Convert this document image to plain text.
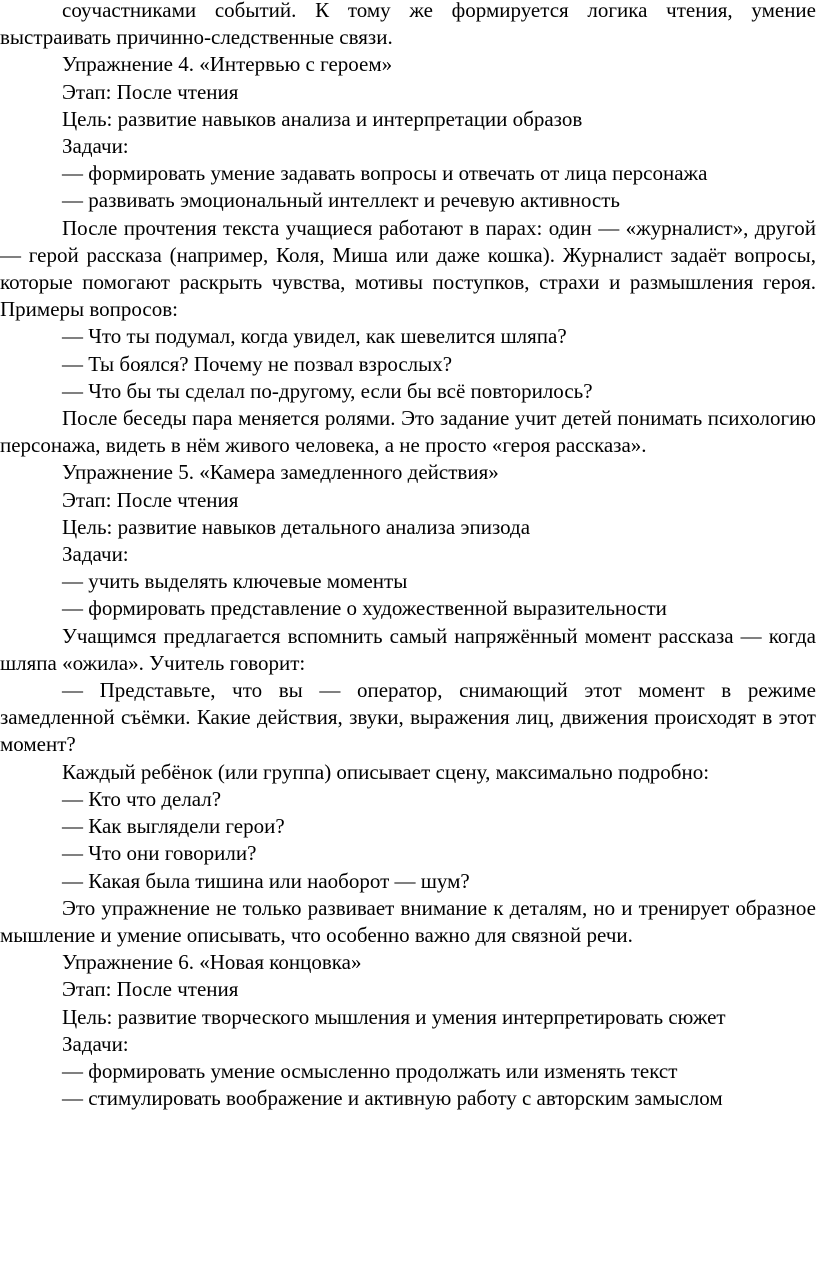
соучастниками событий. К тому же формируется логика чтения, умение выстраивать причинно-следственные связи.

Упражнение 4. «Интервью с героем»

Этап: После чтения

Цель: развитие навыков анализа и интерпретации образов

Задачи:

— формировать умение задавать вопросы и отвечать от лица персонажа

— развивать эмоциональный интеллект и речевую активность

После прочтения текста учащиеся работают в парах: один — «журналист», другой — герой рассказа (например, Коля, Миша или даже кошка). Журналист задаёт вопросы, которые помогают раскрыть чувства, мотивы поступков, страхи и размышления героя. Примеры вопросов:

— Что ты подумал, когда увидел, как шевелится шляпа?

— Ты боялся? Почему не позвал взрослых?

— Что бы ты сделал по-другому, если бы всё повторилось?

После беседы пара меняется ролями. Это задание учит детей понимать психологию персонажа, видеть в нём живого человека, а не просто «героя рассказа».

Упражнение 5. «Камера замедленного действия»

Этап: После чтения

Цель: развитие навыков детального анализа эпизода

Задачи:

— учить выделять ключевые моменты

— формировать представление о художественной выразительности

Учащимся предлагается вспомнить самый напряжённый момент рассказа — когда шляпа «ожила». Учитель говорит:

— Представьте, что вы — оператор, снимающий этот момент в режиме замедленной съёмки. Какие действия, звуки, выражения лиц, движения происходят в этот момент?

Каждый ребёнок (или группа) описывает сцену, максимально подробно:

— Кто что делал?

— Как выглядели герои?

— Что они говорили?

— Какая была тишина или наоборот — шум?

Это упражнение не только развивает внимание к деталям, но и тренирует образное мышление и умение описывать, что особенно важно для связной речи.

Упражнение 6. «Новая концовка»

Этап: После чтения

Цель: развитие творческого мышления и умения интерпретировать сюжет

Задачи:

— формировать умение осмысленно продолжать или изменять текст

— стимулировать воображение и активную работу с авторским замыслом
